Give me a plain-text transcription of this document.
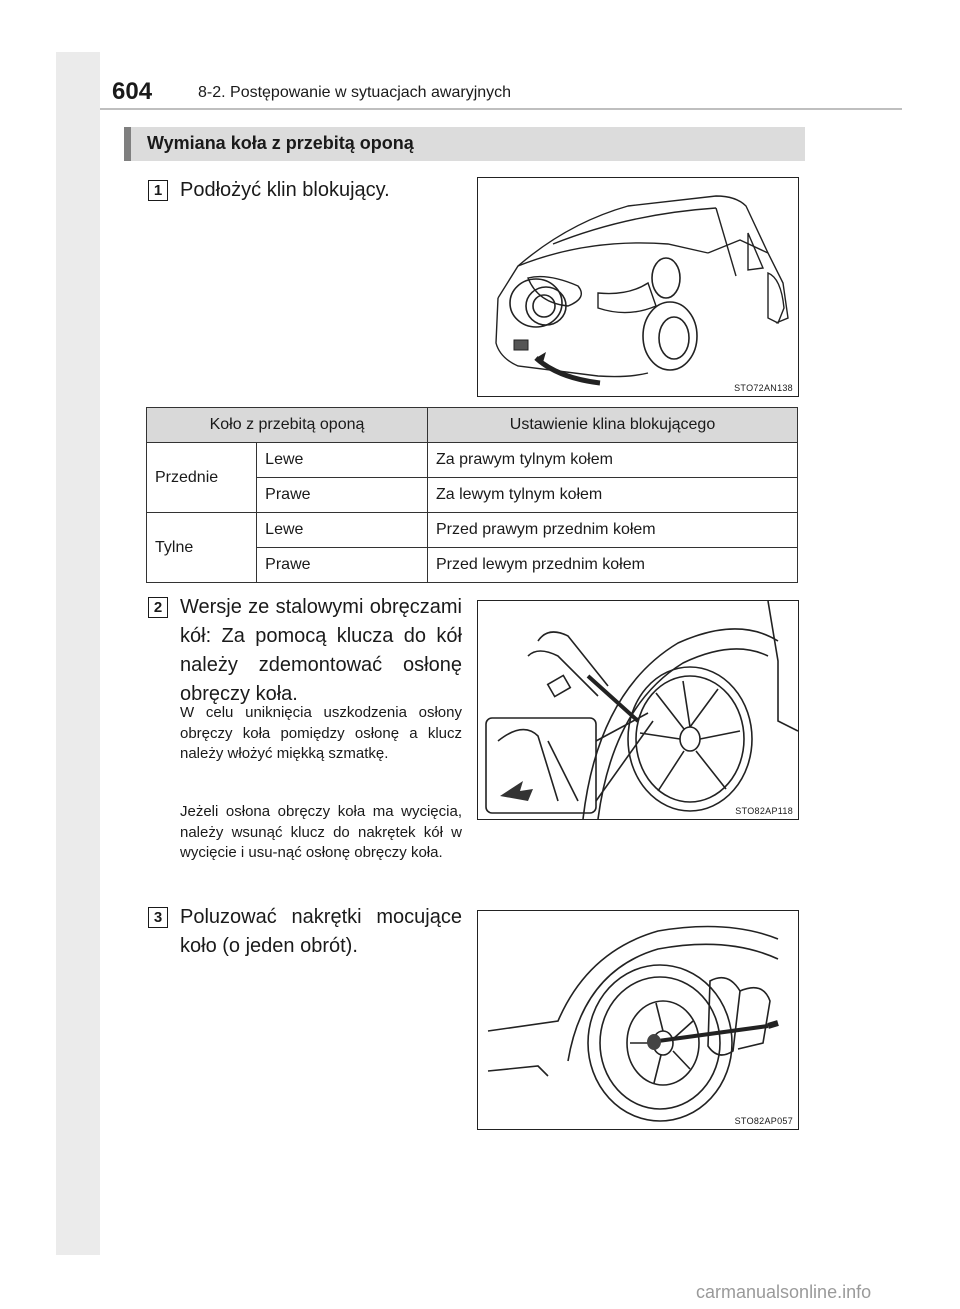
604	8-2. Postępowanie w sytuacjach awaryjnych
Wymiana koła z przebitą oponą
1 Podłożyć klin blokujący.
STO72AN138
Koło z przebitą oponą		Ustawienie klina blokującego
Przednie	Lewe	Za prawym tylnym kołem
	Prawe	Za lewym tylnym kołem
Tylne	Lewe	Przed prawym przednim kołem
	Prawe	Przed lewym przednim kołem
2 Wersje ze stalowymi obręczami kół: Za pomocą klucza do kół należy zdemontować osłonę obręczy koła.
W celu uniknięcia uszkodzenia osłony obręczy koła pomiędzy osłonę a klucz należy włożyć miękką szmatkę.
Jeżeli osłona obręczy koła ma wycięcia, należy wsunąć klucz do nakrętek kół w wycięcie i usu-nąć osłonę obręczy koła.
STO82AP118
3 Poluzować nakrętki mocujące koło (o jeden obrót).
STO82AP057
carmanualsonline.info
